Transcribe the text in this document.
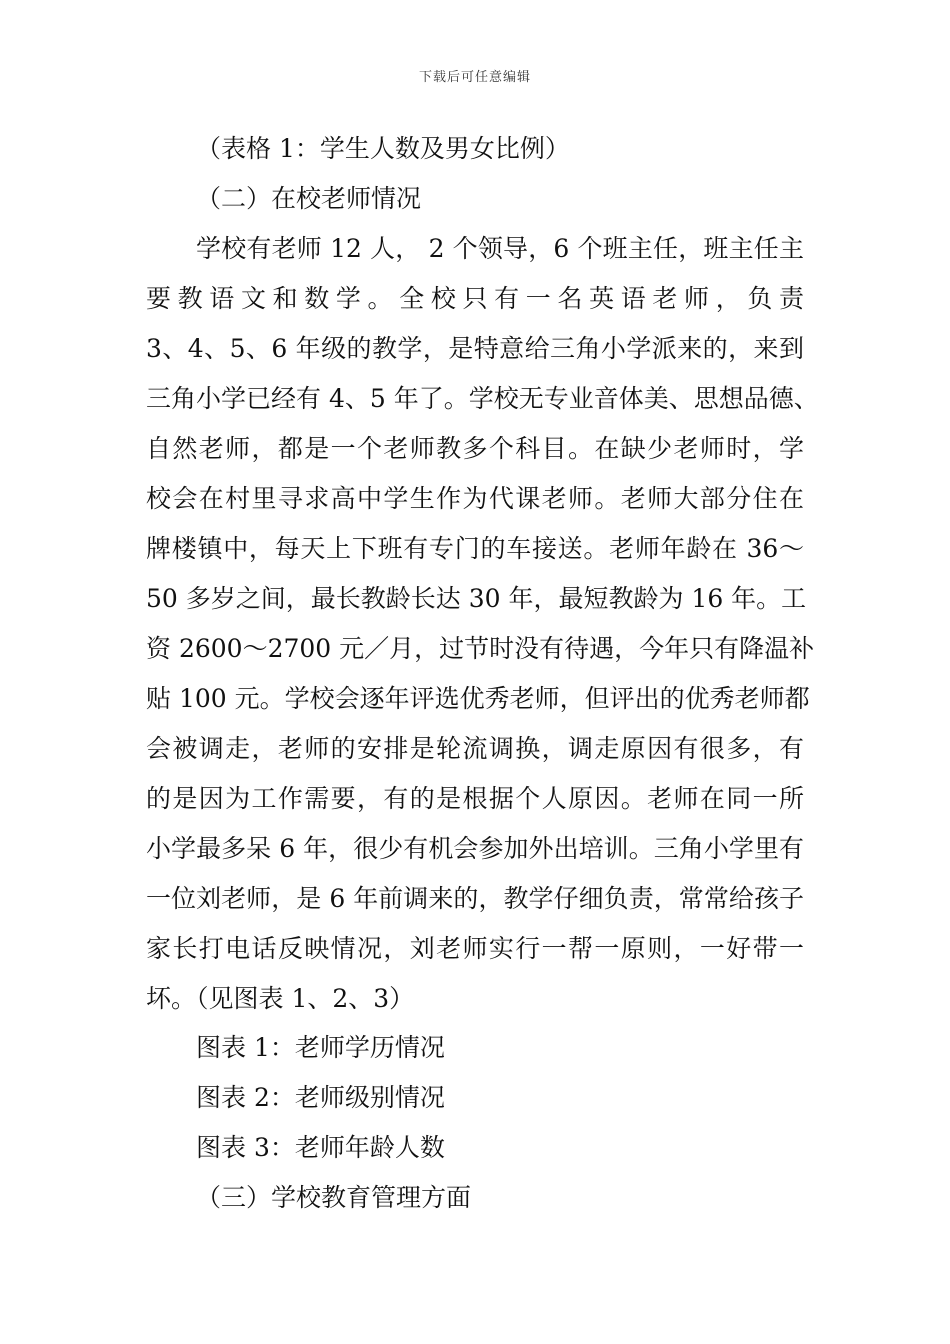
下载后可任意编辑
（表格 1：学生人数及男女比例）
（二）在校老师情况
学校有老师 12 人， 2 个领导，6 个班主任，班主任主
要教语文和数学。全校只有一名英语老师，负责
3、4、5、6 年级的教学，是特意给三角小学派来的，来到
三角小学已经有 4、5 年了。学校无专业音体美、思想品德、
自然老师，都是一个老师教多个科目。在缺少老师时，学
校会在村里寻求高中学生作为代课老师。老师大部分住在
牌楼镇中，每天上下班有专门的车接送。老师年龄在 36～
50 多岁之间，最长教龄长达 30 年，最短教龄为 16 年。工
资 2600～2700 元／月，过节时没有待遇，今年只有降温补
贴 100 元。学校会逐年评选优秀老师，但评出的优秀老师都
会被调走，老师的安排是轮流调换，调走原因有很多，有
的是因为工作需要，有的是根据个人原因。老师在同一所
小学最多呆 6 年，很少有机会参加外出培训。三角小学里有
一位刘老师，是 6 年前调来的，教学仔细负责，常常给孩子
家长打电话反映情况，刘老师实行一帮一原则，一好带一
坏。（见图表 1、2、3）
图表 1：老师学历情况
图表 2：老师级别情况
图表 3：老师年龄人数
（三）学校教育管理方面
